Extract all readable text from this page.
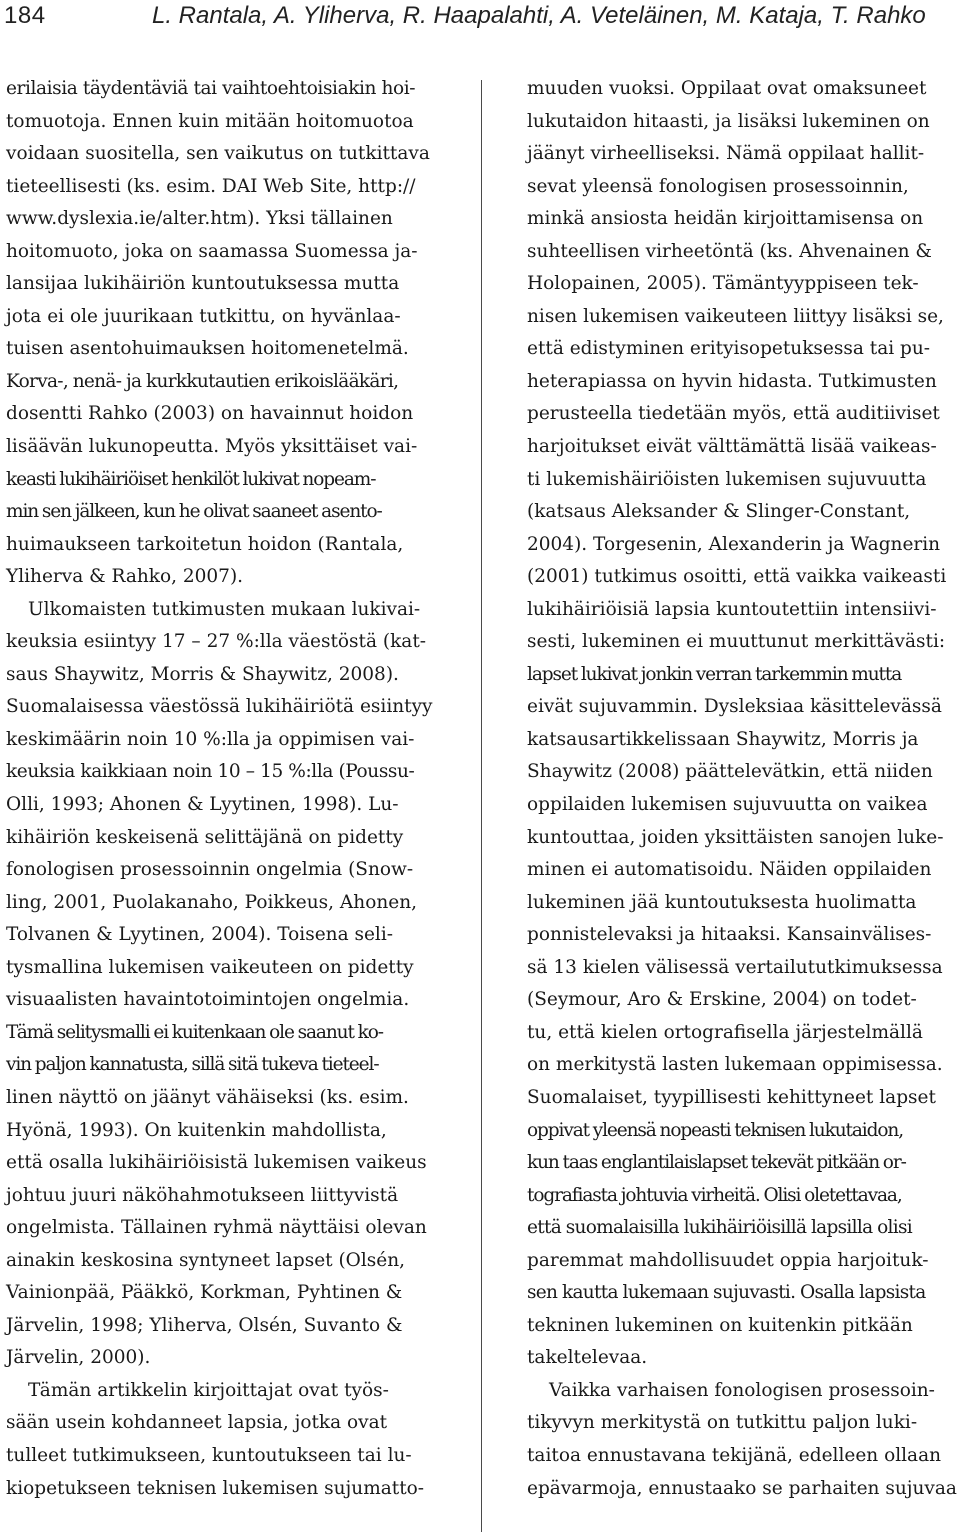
184	L. Rantala, A. Yliherva, R. Haapalahti, A. Veteläinen, M. Kataja, T. Rahko
erilaisia täydentäviä tai vaihtoehtoisiakin hoi-
tomuotoja. Ennen kuin mitään hoitomuotoa
voidaan suositella, sen vaikutus on tutkittava
tieteellisesti (ks. esim. DAI Web Site, http://
www.dyslexia.ie/alter.htm). Yksi tällainen
hoitomuoto, joka on saamassa Suomessa ja-
lansijaa lukihäiriön kuntoutuksessa mutta
jota ei ole juurikaan tutkittu, on hyvänlaa-
tuisen asentohuimauksen hoitomenetelmä.
Korva-, nenä- ja kurkkutautien erikoislääkäri,
dosentti Rahko (2003) on havainnut hoidon
lisäävän lukunopeutta. Myös yksittäiset vai-
keasti lukihäiriöiset henkilöt lukivat nopeam-
min sen jälkeen, kun he olivat saaneet asento-
huimaukseen tarkoitetun hoidon (Rantala,
Yliherva & Rahko, 2007).
Ulkomaisten tutkimusten mukaan lukivai-
keuksia esiintyy 17 – 27 %:lla väestöstä (kat-
saus Shaywitz, Morris & Shaywitz, 2008).
Suomalaisessa väestössä lukihäiriötä esiintyy
keskimäärin noin 10 %:lla ja oppimisen vai-
keuksia kaikkiaan noin 10 – 15 %:lla (Poussu-
Olli, 1993; Ahonen & Lyytinen, 1998). Lu-
kihäiriön keskeisenä selittäjänä on pidetty
fonologisen prosessoinnin ongelmia (Snow-
ling, 2001, Puolakanaho, Poikkeus, Ahonen,
Tolvanen & Lyytinen, 2004). Toisena seli-
tysmallina lukemisen vaikeuteen on pidetty
visuaalisten havaintotoimintojen ongelmia.
Tämä selitysmalli ei kuitenkaan ole saanut ko-
vin paljon kannatusta, sillä sitä tukeva tieteel-
linen näyttö on jäänyt vähäiseksi (ks. esim.
Hyönä, 1993). On kuitenkin mahdollista,
että osalla lukihäiriöisistä lukemisen vaikeus
johtuu juuri näköhahmotukseen liittyvistä
ongelmista. Tällainen ryhmä näyttäisi olevan
ainakin keskosina syntyneet lapset (Olsén,
Vainionpää, Pääkkö, Korkman, Pyhtinen &
Järvelin, 1998; Yliherva, Olsén, Suvanto &
Järvelin, 2000).
Tämän artikkelin kirjoittajat ovat työs-
sään usein kohdanneet lapsia, jotka ovat
tulleet tutkimukseen, kuntoutukseen tai lu-
kiopetukseen teknisen lukemisen sujumatto-
muuden vuoksi. Oppilaat ovat omaksuneet
lukutaidon hitaasti, ja lisäksi lukeminen on
jäänyt virheelliseksi. Nämä oppilaat hallit-
sevat yleensä fonologisen prosessoinnin,
minkä ansiosta heidän kirjoittamisensa on
suhteellisen virheetöntä (ks. Ahvenainen &
Holopainen, 2005). Tämäntyyppiseen tek-
nisen lukemisen vaikeuteen liittyy lisäksi se,
että edistyminen erityisopetuksessa tai pu-
heterapiassa on hyvin hidasta. Tutkimusten
perusteella tiedetään myös, että auditiiviset
harjoitukset eivät välttämättä lisää vaikeas-
ti lukemishäiriöisten lukemisen sujuvuutta
(katsaus Aleksander & Slinger-Constant,
2004). Torgesenin, Alexanderin ja Wagnerin
(2001) tutkimus osoitti, että vaikka vaikeasti
lukihäiriöisiä lapsia kuntoutettiin intensiivi-
sesti, lukeminen ei muuttunut merkittävästi:
lapset lukivat jonkin verran tarkemmin mutta
eivät sujuvammin. Dysleksiaa käsittelevässä
katsausartikkelissaan Shaywitz, Morris ja
Shaywitz (2008) päättelevätkin, että niiden
oppilaiden lukemisen sujuvuutta on vaikea
kuntouttaa, joiden yksittäisten sanojen luke-
minen ei automatisoidu. Näiden oppilaiden
lukeminen jää kuntoutuksesta huolimatta
ponnistelevaksi ja hitaaksi. Kansainvälises-
sä 13 kielen välisessä vertailututkimuksessa
(Seymour, Aro & Erskine, 2004) on todet-
tu, että kielen ortografisella järjestelmällä
on merkitystä lasten lukemaan oppimisessa.
Suomalaiset, tyypillisesti kehittyneet lapset
oppivat yleensä nopeasti teknisen lukutaidon,
kun taas englantilaislapset tekevät pitkään or-
tografiasta johtuvia virheitä. Olisi oletettavaa,
että suomalaisilla lukihäiriöisillä lapsilla olisi
paremmat mahdollisuudet oppia harjoituk-
sen kautta lukemaan sujuvasti. Osalla lapsista
tekninen lukeminen on kuitenkin pitkään
takeltelevaa.
Vaikka varhaisen fonologisen prosessoin-
tikyvyn merkitystä on tutkittu paljon luki-
taitoa ennustavana tekijänä, edelleen ollaan
epävarmoja, ennustaako se parhaiten sujuvaa
